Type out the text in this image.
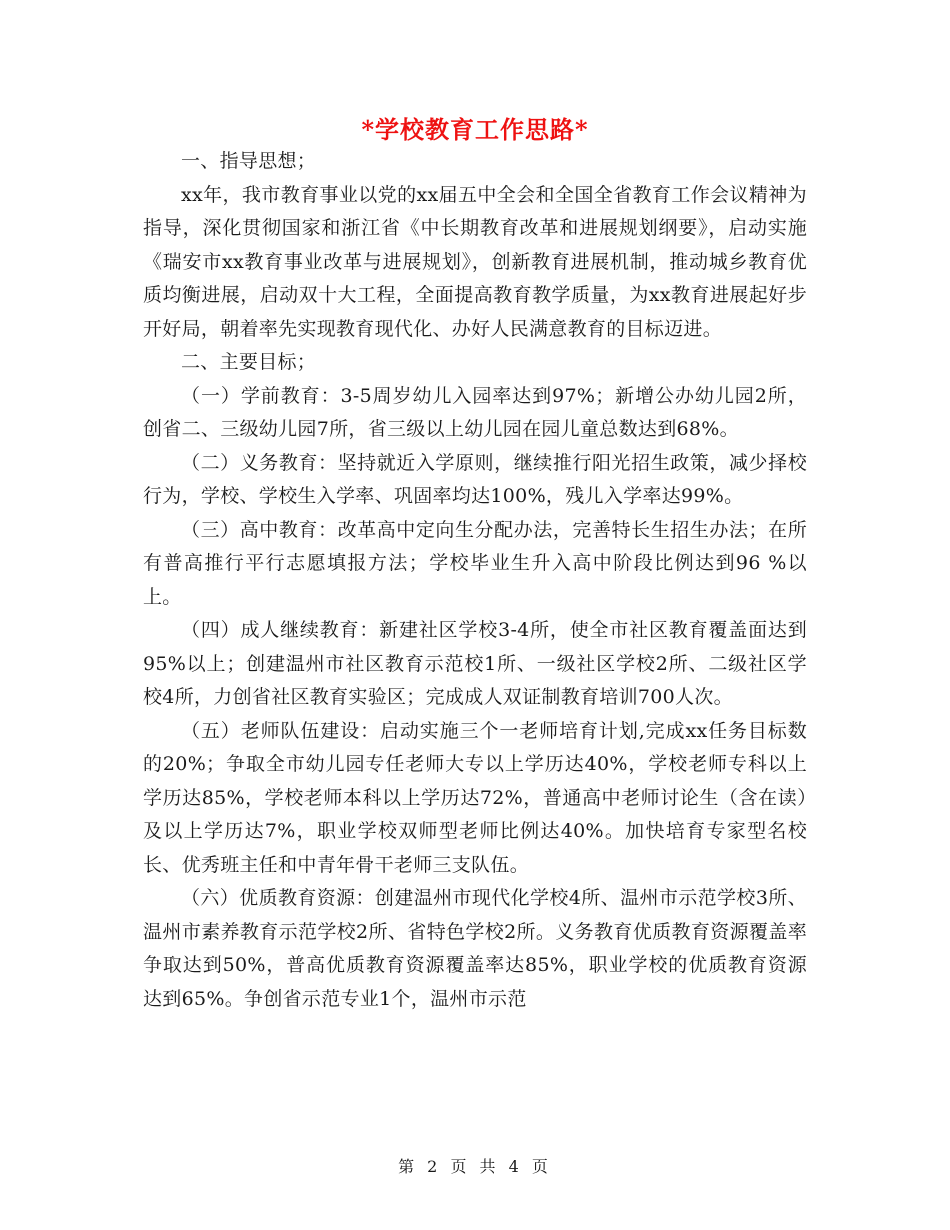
*学校教育工作思路*

一、指导思想；

xx年，我市教育事业以党的xx届五中全会和全国全省教育工作会议精神为指导，深化贯彻国家和浙江省《中长期教育改革和进展规划纲要》，启动实施《瑞安市xx教育事业改革与进展规划》，创新教育进展机制，推动城乡教育优质均衡进展，启动双十大工程，全面提高教育教学质量，为xx教育进展起好步开好局，朝着率先实现教育现代化、办好人民满意教育的目标迈进。

二、主要目标；

（一）学前教育：3-5周岁幼儿入园率达到97%；新增公办幼儿园2所，创省二、三级幼儿园7所，省三级以上幼儿园在园儿童总数达到68%。

（二）义务教育：坚持就近入学原则，继续推行阳光招生政策，减少择校行为，学校、学校生入学率、巩固率均达100%，残儿入学率达99%。

（三）高中教育：改革高中定向生分配办法，完善特长生招生办法；在所有普高推行平行志愿填报方法；学校毕业生升入高中阶段比例达到96 %以上。

（四）成人继续教育：新建社区学校3-4所，使全市社区教育覆盖面达到95%以上；创建温州市社区教育示范校1所、一级社区学校2所、二级社区学校4所，力创省社区教育实验区；完成成人双证制教育培训700人次。

（五）老师队伍建设：启动实施三个一老师培育计划,完成xx任务目标数的20%；争取全市幼儿园专任老师大专以上学历达40%，学校老师专科以上学历达85%，学校老师本科以上学历达72%，普通高中老师讨论生（含在读）及以上学历达7%，职业学校双师型老师比例达40%。加快培育专家型名校长、优秀班主任和中青年骨干老师三支队伍。

（六）优质教育资源：创建温州市现代化学校4所、温州市示范学校3所、温州市素养教育示范学校2所、省特色学校2所。义务教育优质教育资源覆盖率争取达到50%，普高优质教育资源覆盖率达85%，职业学校的优质教育资源达到65%。争创省示范专业1个，温州市示范

第 2 页 共 4 页
